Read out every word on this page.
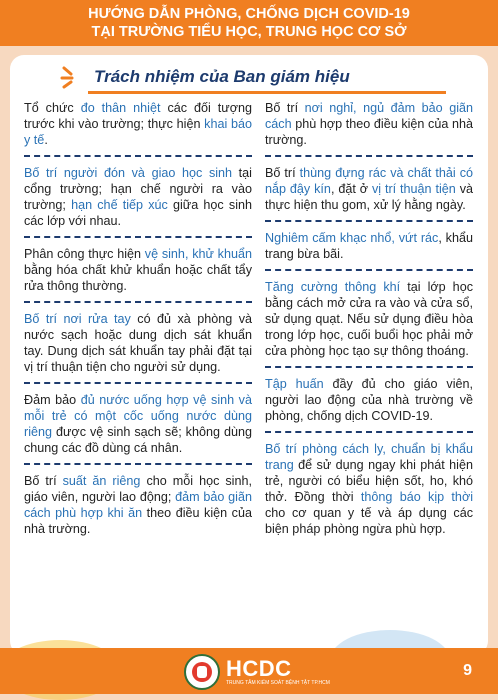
HƯỚNG DẪN PHÒNG, CHỐNG DỊCH COVID-19
TẠI TRƯỜNG TIỂU HỌC, TRUNG HỌC CƠ SỞ
Trách nhiệm của Ban giám hiệu
Tổ chức đo thân nhiệt các đối tượng trước khi vào trường; thực hiện khai báo y tế.
Bố trí người đón và giao học sinh tại cổng trường; hạn chế người ra vào trường; hạn chế tiếp xúc giữa học sinh các lớp với nhau.
Phân công thực hiện vệ sinh, khử khuẩn bằng hóa chất khử khuẩn hoặc chất tẩy rửa thông thường.
Bố trí nơi rửa tay có đủ xà phòng và nước sạch hoặc dung dịch sát khuẩn tay. Dung dịch sát khuẩn tay phải đặt tại vị trí thuận tiện cho người sử dụng.
Đảm bảo đủ nước uống hợp vệ sinh và mỗi trẻ có một cốc uống nước dùng riêng được vệ sinh sạch sẽ; không dùng chung các đồ dùng cá nhân.
Bố trí suất ăn riêng cho mỗi học sinh, giáo viên, người lao động; đảm bảo giãn cách phù hợp khi ăn theo điều kiện của nhà trường.
Bố trí nơi nghỉ, ngủ đảm bảo giãn cách phù hợp theo điều kiện của nhà trường.
Bố trí thùng đựng rác và chất thải có nắp đậy kín, đặt ở vị trí thuận tiện và thực hiện thu gom, xử lý hằng ngày.
Nghiêm cấm khạc nhổ, vứt rác, khẩu trang bừa bãi.
Tăng cường thông khí tại lớp học bằng cách mở cửa ra vào và cửa sổ, sử dụng quạt. Nếu sử dụng điều hòa trong lớp học, cuối buổi học phải mở cửa phòng học tạo sự thông thoáng.
Tập huấn đầy đủ cho giáo viên, người lao động của nhà trường về phòng, chống dịch COVID-19.
Bố trí phòng cách ly, chuẩn bị khẩu trang để sử dụng ngay khi phát hiện trẻ, người có biểu hiện sốt, ho, khó thở. Đồng thời thông báo kịp thời cho cơ quan y tế và áp dụng các biện pháp phòng ngừa phù hợp.
HCDC
TRUNG TÂM KIỂM SOÁT BỆNH TẬT TP.HCM
9
